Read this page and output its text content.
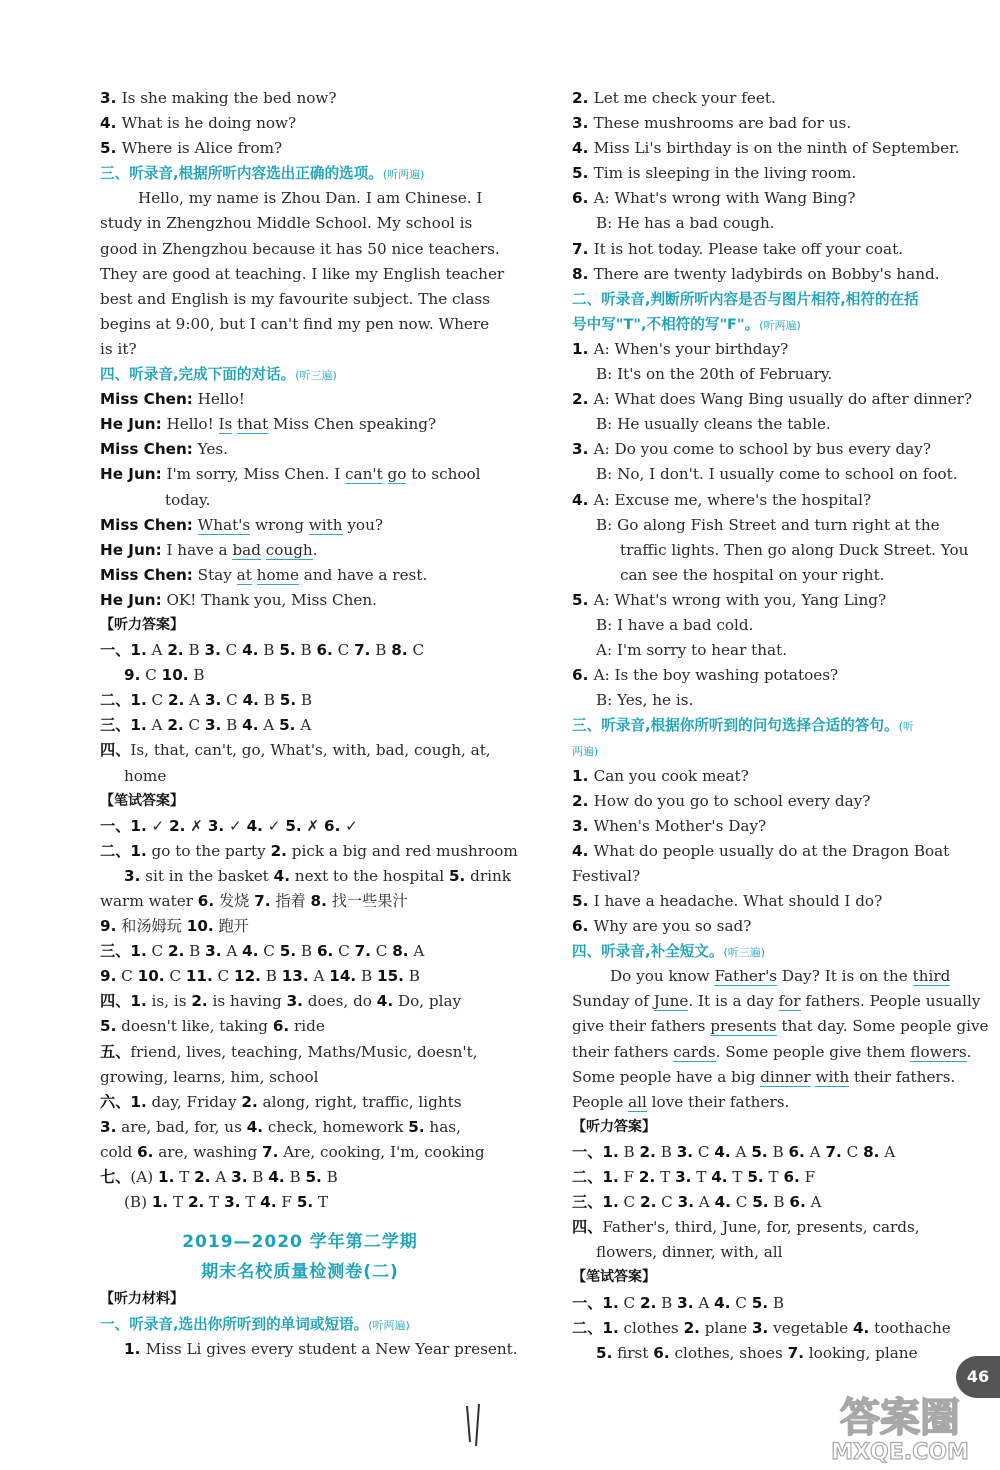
3. Is she making the bed now?
4. What is he doing now?
5. Where is Alice from?
三、听录音,根据所听内容选出正确的选项。(听两遍)
Hello, my name is Zhou Dan. I am Chinese. I
study in Zhengzhou Middle School. My school is
good in Zhengzhou because it has 50 nice teachers.
They are good at teaching. I like my English teacher
best and English is my favourite subject. The class
begins at 9:00, but I can't find my pen now. Where
is it?
四、听录音,完成下面的对话。(听三遍)
Miss Chen: Hello!
He Jun: Hello! Is that Miss Chen speaking?
Miss Chen: Yes.
He Jun: I'm sorry, Miss Chen. I can't go to school
today.
Miss Chen: What's wrong with you?
He Jun: I have a bad cough.
Miss Chen: Stay at home and have a rest.
He Jun: OK! Thank you, Miss Chen.
【听力答案】
一、1. A 2. B 3. C 4. B 5. B 6. C 7. B 8. C
9. C 10. B
二、1. C 2. A 3. C 4. B 5. B
三、1. A 2. C 3. B 4. A 5. A
四、Is, that, can't, go, What's, with, bad, cough, at,
home
【笔试答案】
一、1. ✓ 2. ✗ 3. ✓ 4. ✓ 5. ✗ 6. ✓
二、1. go to the party 2. pick a big and red mushroom
3. sit in the basket 4. next to the hospital 5. drink
warm water 6. 发烧 7. 指着 8. 找一些果汁
9. 和汤姆玩 10. 跑开
三、1. C 2. B 3. A 4. C 5. B 6. C 7. C 8. A
9. C 10. C 11. C 12. B 13. A 14. B 15. B
四、1. is, is 2. is having 3. does, do 4. Do, play
5. doesn't like, taking 6. ride
五、friend, lives, teaching, Maths/Music, doesn't,
growing, learns, him, school
六、1. day, Friday 2. along, right, traffic, lights
3. are, bad, for, us 4. check, homework 5. has,
cold 6. are, washing 7. Are, cooking, I'm, cooking
七、(A) 1. T 2. A 3. B 4. B 5. B
(B) 1. T 2. T 3. T 4. F 5. T
2019—2020 学年第二学期
期末名校质量检测卷(二)
【听力材料】
一、听录音,选出你所听到的单词或短语。(听两遍)
1. Miss Li gives every student a New Year present.
2. Let me check your feet.
3. These mushrooms are bad for us.
4. Miss Li's birthday is on the ninth of September.
5. Tim is sleeping in the living room.
6. A: What's wrong with Wang Bing?
B: He has a bad cough.
7. It is hot today. Please take off your coat.
8. There are twenty ladybirds on Bobby's hand.
二、听录音,判断所听内容是否与图片相符,相符的在括
号中写"T",不相符的写"F"。(听两遍)
1. A: When's your birthday?
B: It's on the 20th of February.
2. A: What does Wang Bing usually do after dinner?
B: He usually cleans the table.
3. A: Do you come to school by bus every day?
B: No, I don't. I usually come to school on foot.
4. A: Excuse me, where's the hospital?
B: Go along Fish Street and turn right at the
traffic lights. Then go along Duck Street. You
can see the hospital on your right.
5. A: What's wrong with you, Yang Ling?
B: I have a bad cold.
A: I'm sorry to hear that.
6. A: Is the boy washing potatoes?
B: Yes, he is.
三、听录音,根据你所听到的问句选择合适的答句。(听
两遍)
1. Can you cook meat?
2. How do you go to school every day?
3. When's Mother's Day?
4. What do people usually do at the Dragon Boat
Festival?
5. I have a headache. What should I do?
6. Why are you so sad?
四、听录音,补全短文。(听三遍)
Do you know Father's Day? It is on the third
Sunday of June. It is a day for fathers. People usually
give their fathers presents that day. Some people give
their fathers cards. Some people give them flowers.
Some people have a big dinner with their fathers.
People all love their fathers.
【听力答案】
一、1. B 2. B 3. C 4. A 5. B 6. A 7. C 8. A
二、1. F 2. T 3. T 4. T 5. T 6. F
三、1. C 2. C 3. A 4. C 5. B 6. A
四、Father's, third, June, for, presents, cards,
flowers, dinner, with, all
【笔试答案】
一、1. C 2. B 3. A 4. C 5. B
二、1. clothes 2. plane 3. vegetable 4. toothache
5. first 6. clothes, shoes 7. looking, plane
46
答案圈
MXQE.COM
